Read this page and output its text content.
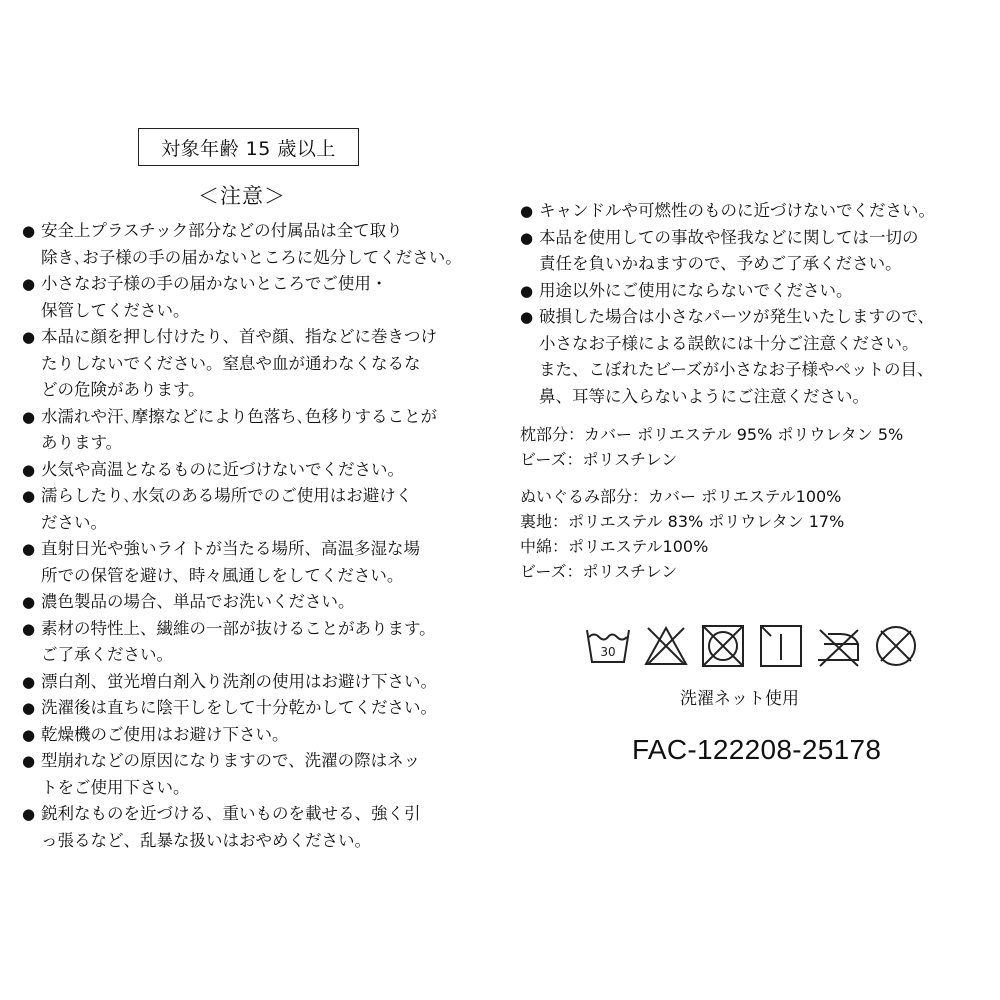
対象年齢 15 歳以上
＜注意＞
● 安全上プラスチック部分などの付属品は全て取り
除き､お子様の手の届かないところに処分してください。
● 小さなお子様の手の届かないところでご使用・
保管してください。
● 本品に顔を押し付けたり、首や顔、指などに巻きつけ
たりしないでください。窒息や血が通わなくなるな
どの危険があります。
● 水濡れや汗､摩擦などにより色落ち､色移りすることが
あります。
● 火気や高温となるものに近づけないでください。
● 濡らしたり､水気のある場所でのご使用はお避けく
ださい。
● 直射日光や強いライトが当たる場所、高温多湿な場
所での保管を避け、時々風通しをしてください。
● 濃色製品の場合、単品でお洗いください。
● 素材の特性上、繊維の一部が抜けることがあります。
ご了承ください。
● 漂白剤、蛍光増白剤入り洗剤の使用はお避け下さい。
● 洗濯後は直ちに陰干しをして十分乾かしてください。
● 乾燥機のご使用はお避け下さい。
● 型崩れなどの原因になりますので、洗濯の際はネッ
トをご使用下さい。
● 鋭利なものを近づける、重いものを載せる、強く引
っ張るなど、乱暴な扱いはおやめください。
● キャンドルや可燃性のものに近づけないでください。
● 本品を使用しての事故や怪我などに関しては一切の
責任を負いかねますので、予めご了承ください。
● 用途以外にご使用にならないでください。
● 破損した場合は小さなパーツが発生いたしますので、
小さなお子様による誤飲には十分ご注意ください。
また、こぼれたビーズが小さなお子様やペットの目、
鼻、耳等に入らないようにご注意ください。
枕部分：カバー ポリエステル 95% ポリウレタン 5%
ビーズ：ポリスチレン
ぬいぐるみ部分：カバー ポリエステル100%
裏地：ポリエステル 83% ポリウレタン 17%
中綿：ポリエステル100%
ビーズ：ポリスチレン
30
洗濯ネット使用
FAC-122208-25178
